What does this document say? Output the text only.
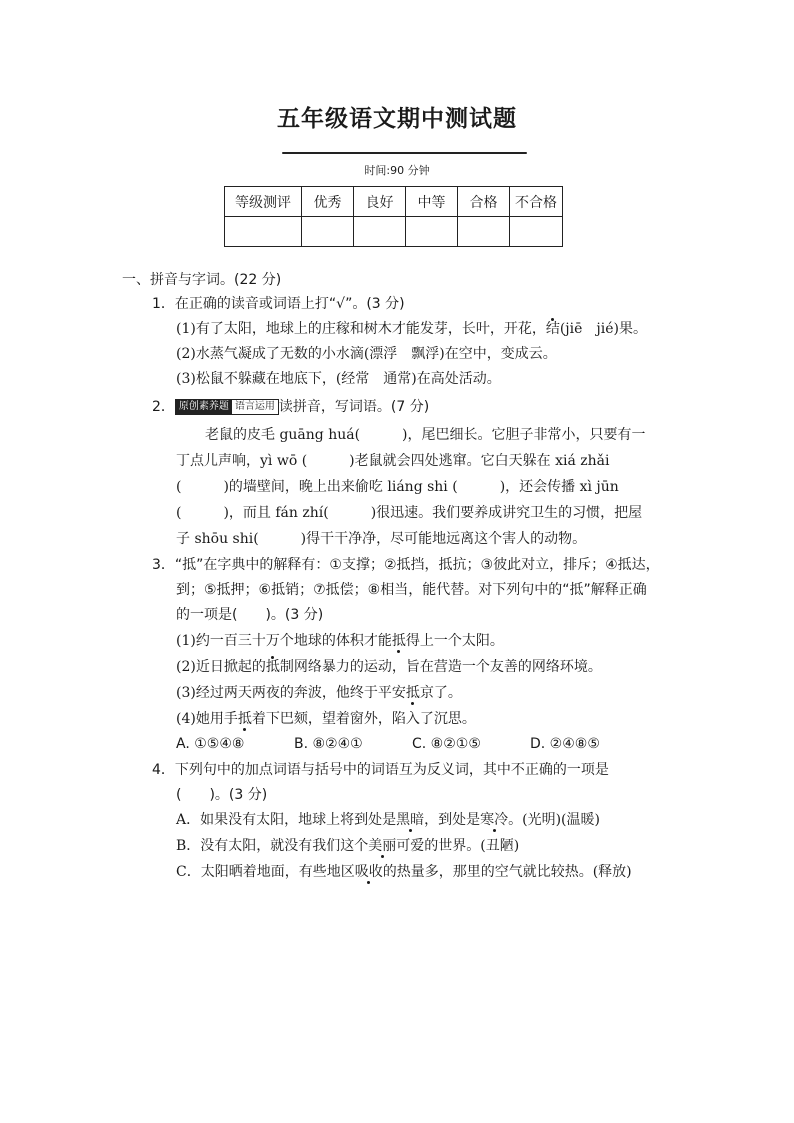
五年级语文期中测试题
时间:90 分钟
等级测评	优秀	良好	中等	合格	不合格

一、拼音与字词。(22 分)
1．在正确的读音或词语上打“√”。(3 分)
(1)有了太阳，地球上的庄稼和树木才能发芽，长叶，开花，结(jiē　jié)果。
(2)水蒸气凝成了无数的小水滴(漂浮　飘浮)在空中，变成云。
(3)松鼠不躲藏在地底下，(经常　通常)在高处活动。
2． 原创素养题 语言运用 读拼音，写词语。(7 分)
老鼠的皮毛 guāng huá(　　　)，尾巴细长。它胆子非常小，只要有一
丁点儿声响，yì wō (　　　)老鼠就会四处逃窜。它白天躲在 xiá zhǎi
(　　　)的墙壁间，晚上出来偷吃 liáng shi (　　　)，还会传播 xì jūn
(　　　)，而且 fán zhí(　　　)很迅速。我们要养成讲究卫生的习惯，把屋
子 shōu shi(　　　)得干干净净，尽可能地远离这个害人的动物。
3．“抵”在字典中的解释有：①支撑；②抵挡，抵抗；③彼此对立，排斥；④抵达，
到；⑤抵押；⑥抵销；⑦抵偿；⑧相当，能代替。对下列句中的“抵”解释正确
的一项是(　　)。(3 分)
(1)约一百三十万个地球的体积才能抵得上一个太阳。
(2)近日掀起的抵制网络暴力的运动，旨在营造一个友善的网络环境。
(3)经过两天两夜的奔波，他终于平安抵京了。
(4)她用手抵着下巴颏，望着窗外，陷入了沉思。
A. ①⑤④⑧	B. ⑧②④①	C. ⑧②①⑤	D. ②④⑧⑤
4．下列句中的加点词语与括号中的词语互为反义词，其中不正确的一项是
(　　)。(3 分)
A．如果没有太阳，地球上将到处是黑暗，到处是寒冷。(光明)(温暖)
B．没有太阳，就没有我们这个美丽可爱的世界。(丑陋)
C．太阳晒着地面，有些地区吸收的热量多，那里的空气就比较热。(释放)
